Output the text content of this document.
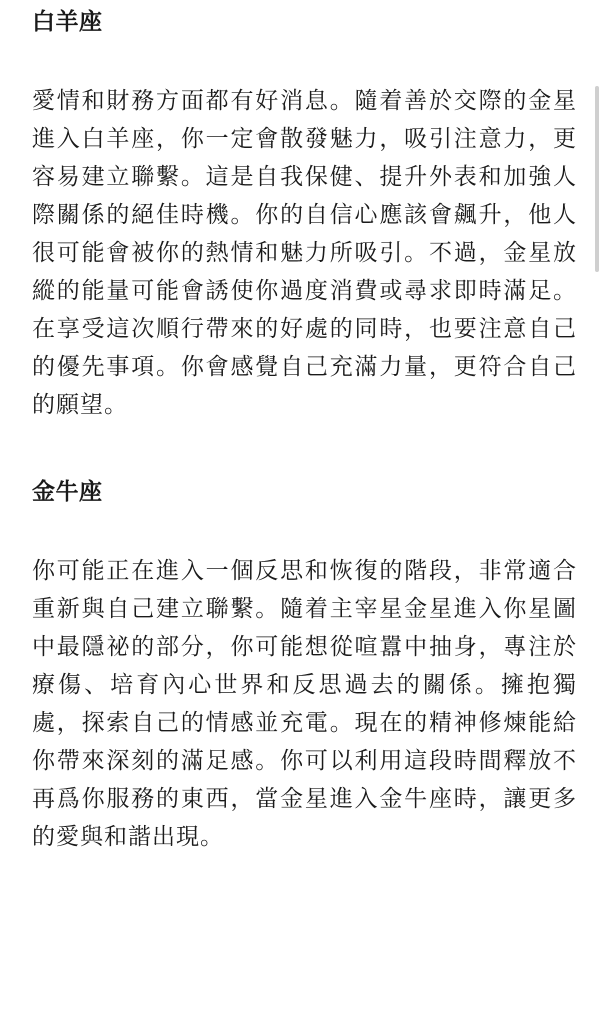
白羊座

愛情和財務方面都有好消息。隨着善於交際的金星進入白羊座，你一定會散發魅力，吸引注意力，更容易建立聯繫。這是自我保健、提升外表和加強人際關係的絕佳時機。你的自信心應該會飆升，他人很可能會被你的熱情和魅力所吸引。不過，金星放縱的能量可能會誘使你過度消費或尋求即時滿足。在享受這次順行帶來的好處的同時，也要注意自己的優先事項。你會感覺自己充滿力量，更符合自己的願望。

金牛座

你可能正在進入一個反思和恢復的階段，非常適合重新與自己建立聯繫。隨着主宰星金星進入你星圖中最隱祕的部分，你可能想從喧囂中抽身，專注於療傷、培育內心世界和反思過去的關係。擁抱獨處，探索自己的情感並充電。現在的精神修煉能給你帶來深刻的滿足感。你可以利用這段時間釋放不再爲你服務的東西，當金星進入金牛座時，讓更多的愛與和諧出現。
